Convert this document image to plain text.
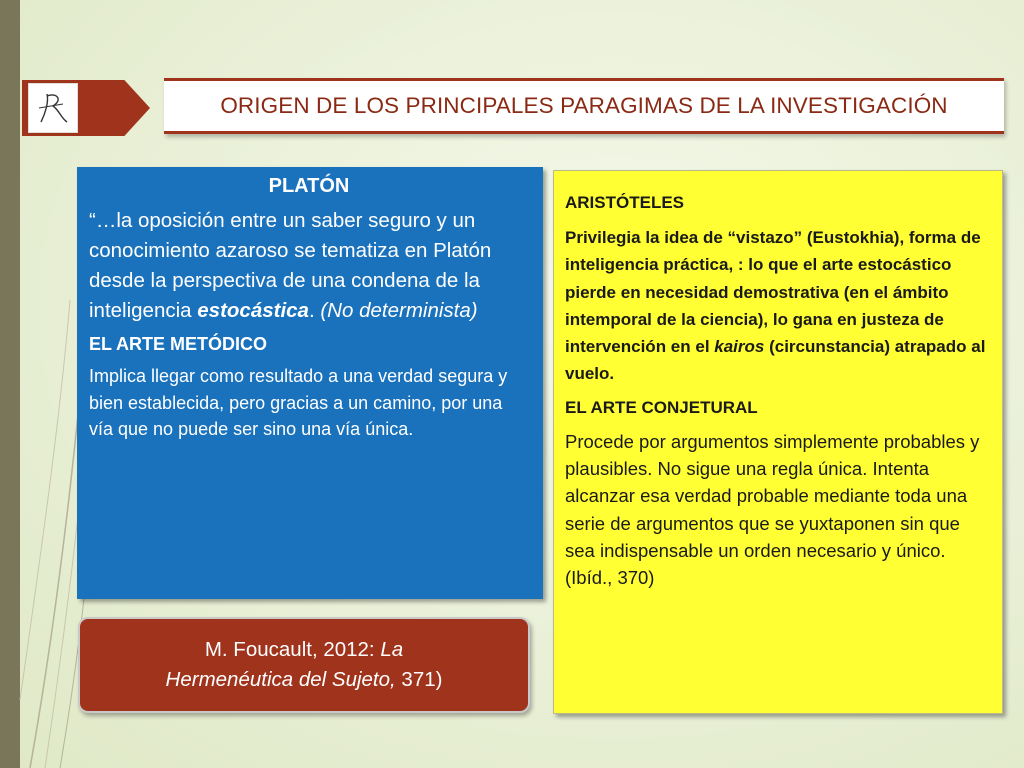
ORIGEN DE LOS PRINCIPALES PARAGIMAS DE LA INVESTIGACIÓN

PLATÓN

“…la oposición entre un saber seguro y un conocimiento azaroso se tematiza en Platón desde la perspectiva de una condena de la inteligencia estocástica. (No determinista)

EL ARTE METÓDICO

Implica llegar como resultado a una verdad segura y bien establecida, pero gracias a un camino, por una vía que no puede ser sino una vía única.

M. Foucault, 2012: La
Hermenéutica del Sujeto, 371)

ARISTÓTELES

Privilegia la idea de “vistazo” (Eustokhia), forma de inteligencia práctica, : lo que el arte estocástico pierde en necesidad demostrativa (en el ámbito intemporal de la ciencia), lo gana en justeza de intervención en el kairos (circunstancia) atrapado al vuelo.

EL ARTE CONJETURAL

Procede por argumentos simplemente probables y plausibles. No sigue una regla única. Intenta alcanzar esa verdad probable mediante toda una serie de argumentos que se yuxtaponen sin que sea indispensable un orden necesario y único. (Ibíd., 370)
